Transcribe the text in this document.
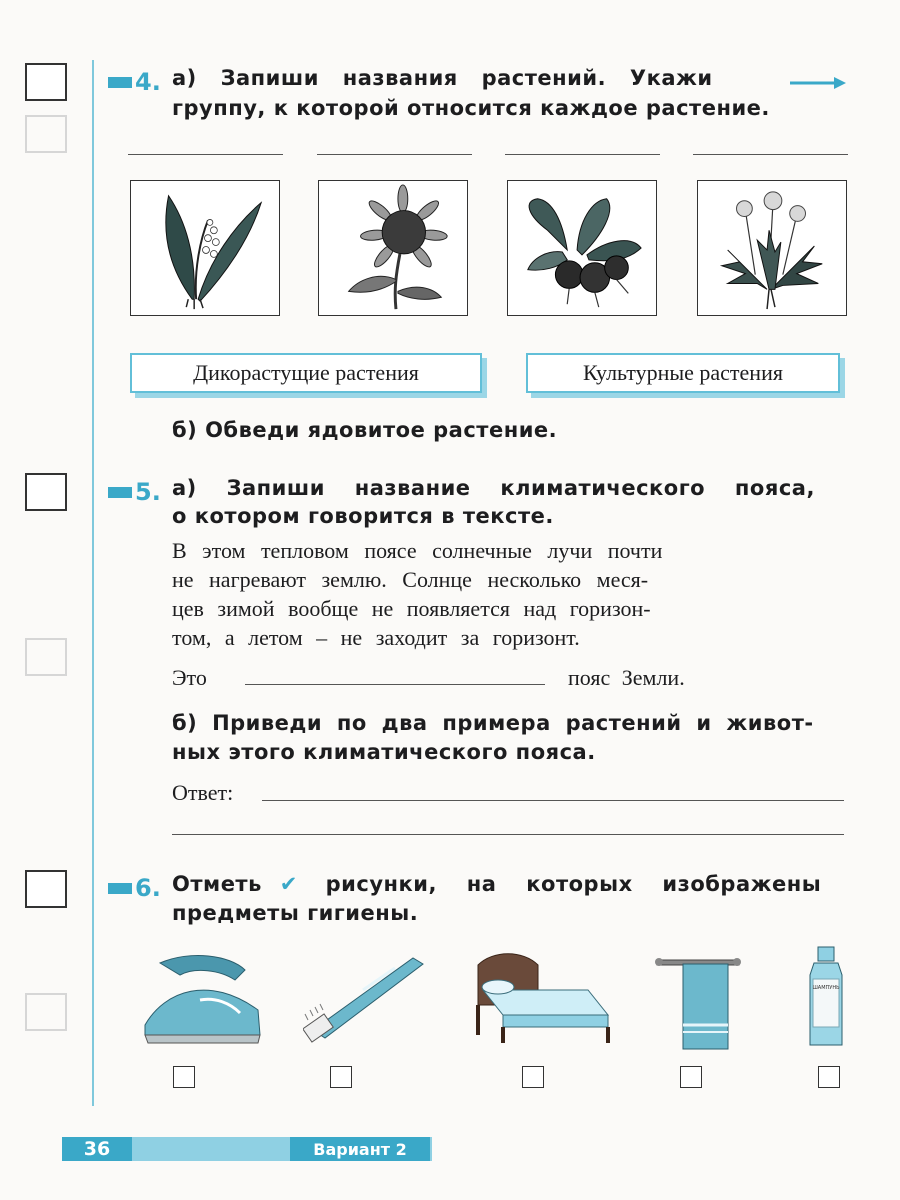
4. а) Запиши названия растений. Укажи
группу, к которой относится каждое растение.
Дикорастущие растения	Культурные растения
б) Обведи ядовитое растение.
5. а) Запиши название климатического пояса,
о котором говорится в тексте.
В этом тепловом поясе солнечные лучи почти
не нагревают землю. Солнце несколько меся-
цев зимой вообще не появляется над горизон-
том, а летом – не заходит за горизонт.
Это	пояс Земли.
б) Приведи по два примера растений и живот-
ных этого климатического пояса.
Ответ:
6. Отметь ✔ рисунки, на которых изображены
предметы гигиены.
ШАМПУНЬ
36	Вариант 2
